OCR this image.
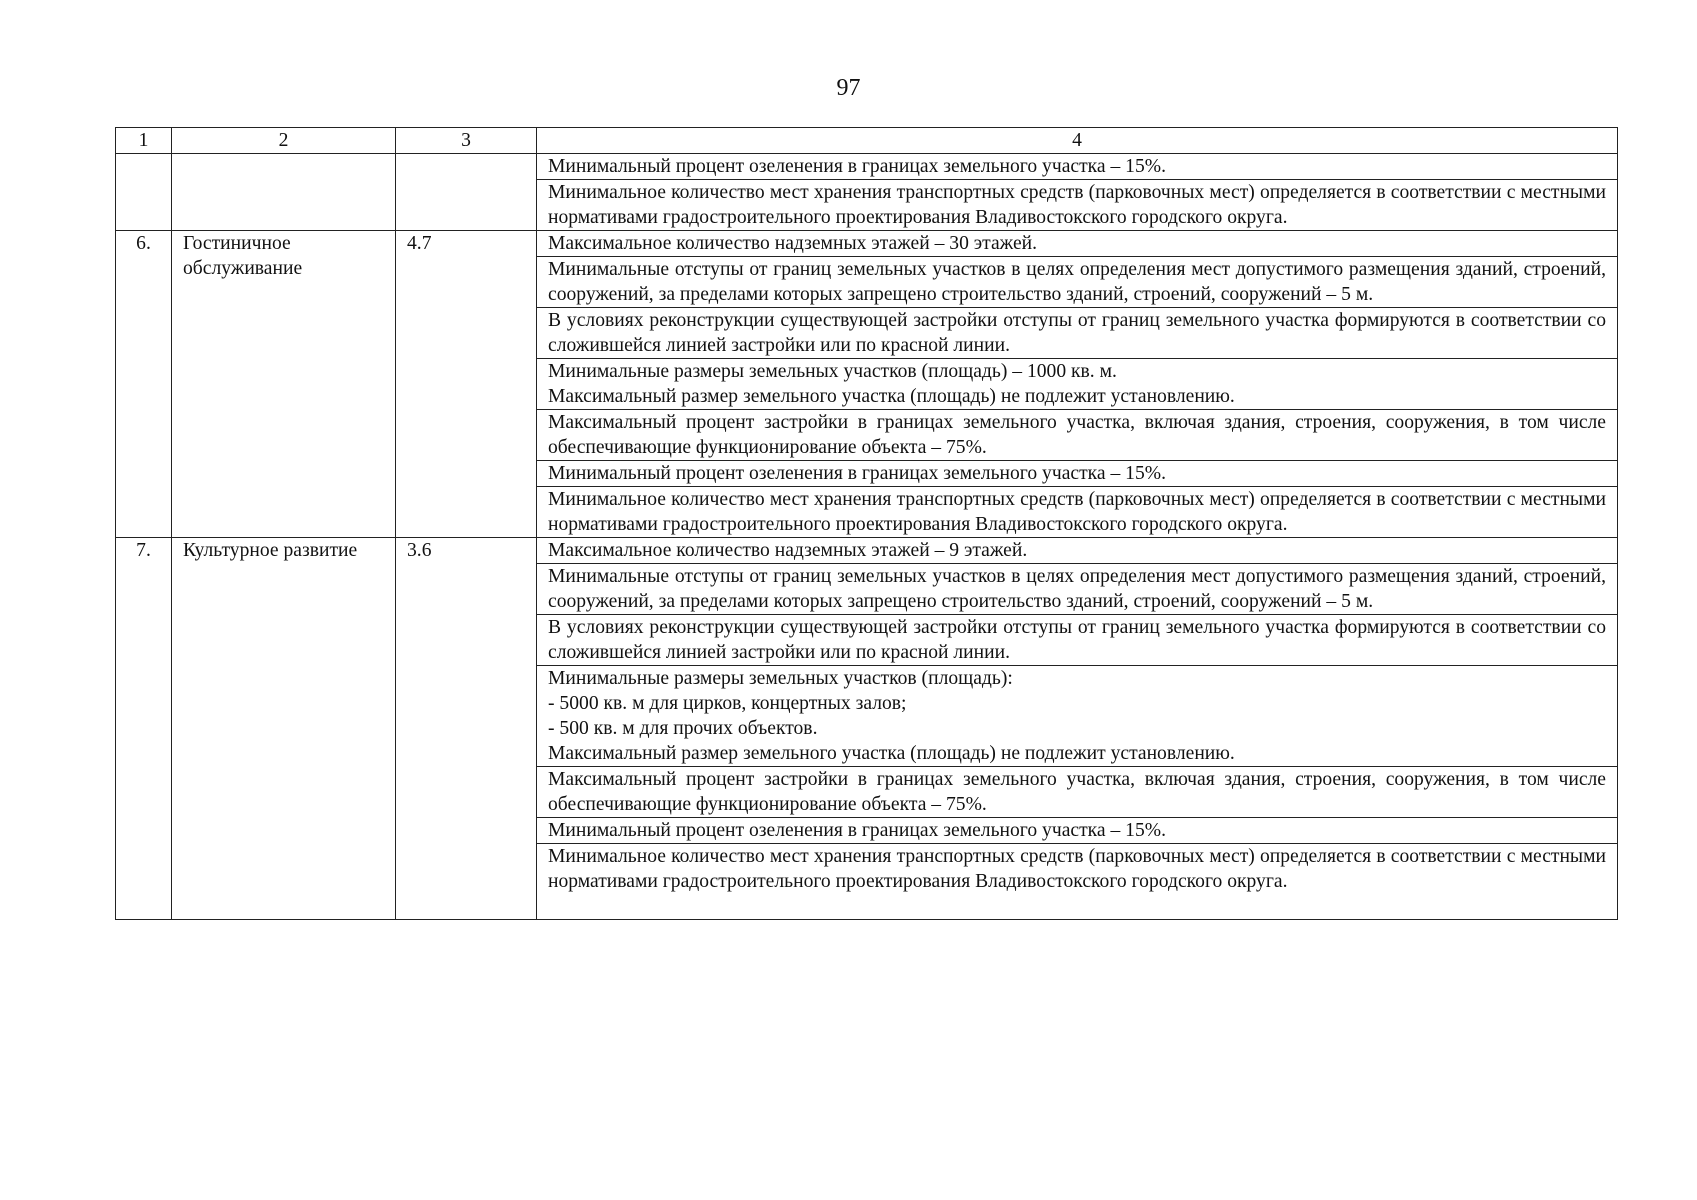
97
1	2	3	4
			Минимальный процент озеленения в границах земельного участка – 15%.
			Минимальное количество мест хранения транспортных средств (парковочных мест) определяется в соответствии с местными нормативами градостроительного проектирования Владивостокского городского округа.
6.	Гостиничное обслуживание	4.7	Максимальное количество надземных этажей – 30 этажей.

			Минимальные отступы от границ земельных участков в целях определения мест допустимого размещения зданий, строений, сооружений, за пределами которых запрещено строительство зданий, строений, сооружений – 5 м.

			В условиях реконструкции существующей застройки отступы от границ земельного участка формируются в соответствии со сложившейся линией застройки или по красной линии.

			Минимальные размеры земельных участков (площадь) – 1000 кв. м.
Максимальный размер земельного участка (площадь) не подлежит установлению.

			Максимальный процент застройки в границах земельного участка, включая здания, строения, сооружения, в том числе обеспечивающие функционирование объекта – 75%.

			Минимальный процент озеленения в границах земельного участка – 15%.

			Минимальное количество мест хранения транспортных средств (парковочных мест) определяется в соответствии с местными нормативами градостроительного проектирования Владивостокского городского округа.

7.	Культурное развитие	3.6	Максимальное количество надземных этажей – 9 этажей.

			Минимальные отступы от границ земельных участков в целях определения мест допустимого размещения зданий, строений, сооружений, за пределами которых запрещено строительство зданий, строений, сооружений – 5 м.

			В условиях реконструкции существующей застройки отступы от границ земельного участка формируются в соответствии со сложившейся линией застройки или по красной линии.

			Минимальные размеры земельных участков (площадь):
- 5000 кв. м для цирков, концертных залов;
- 500 кв. м для прочих объектов.
Максимальный размер земельного участка (площадь) не подлежит установлению.

			Максимальный процент застройки в границах земельного участка, включая здания, строения, сооружения, в том числе обеспечивающие функционирование объекта – 75%.

			Минимальный процент озеленения в границах земельного участка – 15%.

			Минимальное количество мест хранения транспортных средств (парковочных мест) определяется в соответствии с местными нормативами градостроительного проектирования Владивостокского городского округа.
